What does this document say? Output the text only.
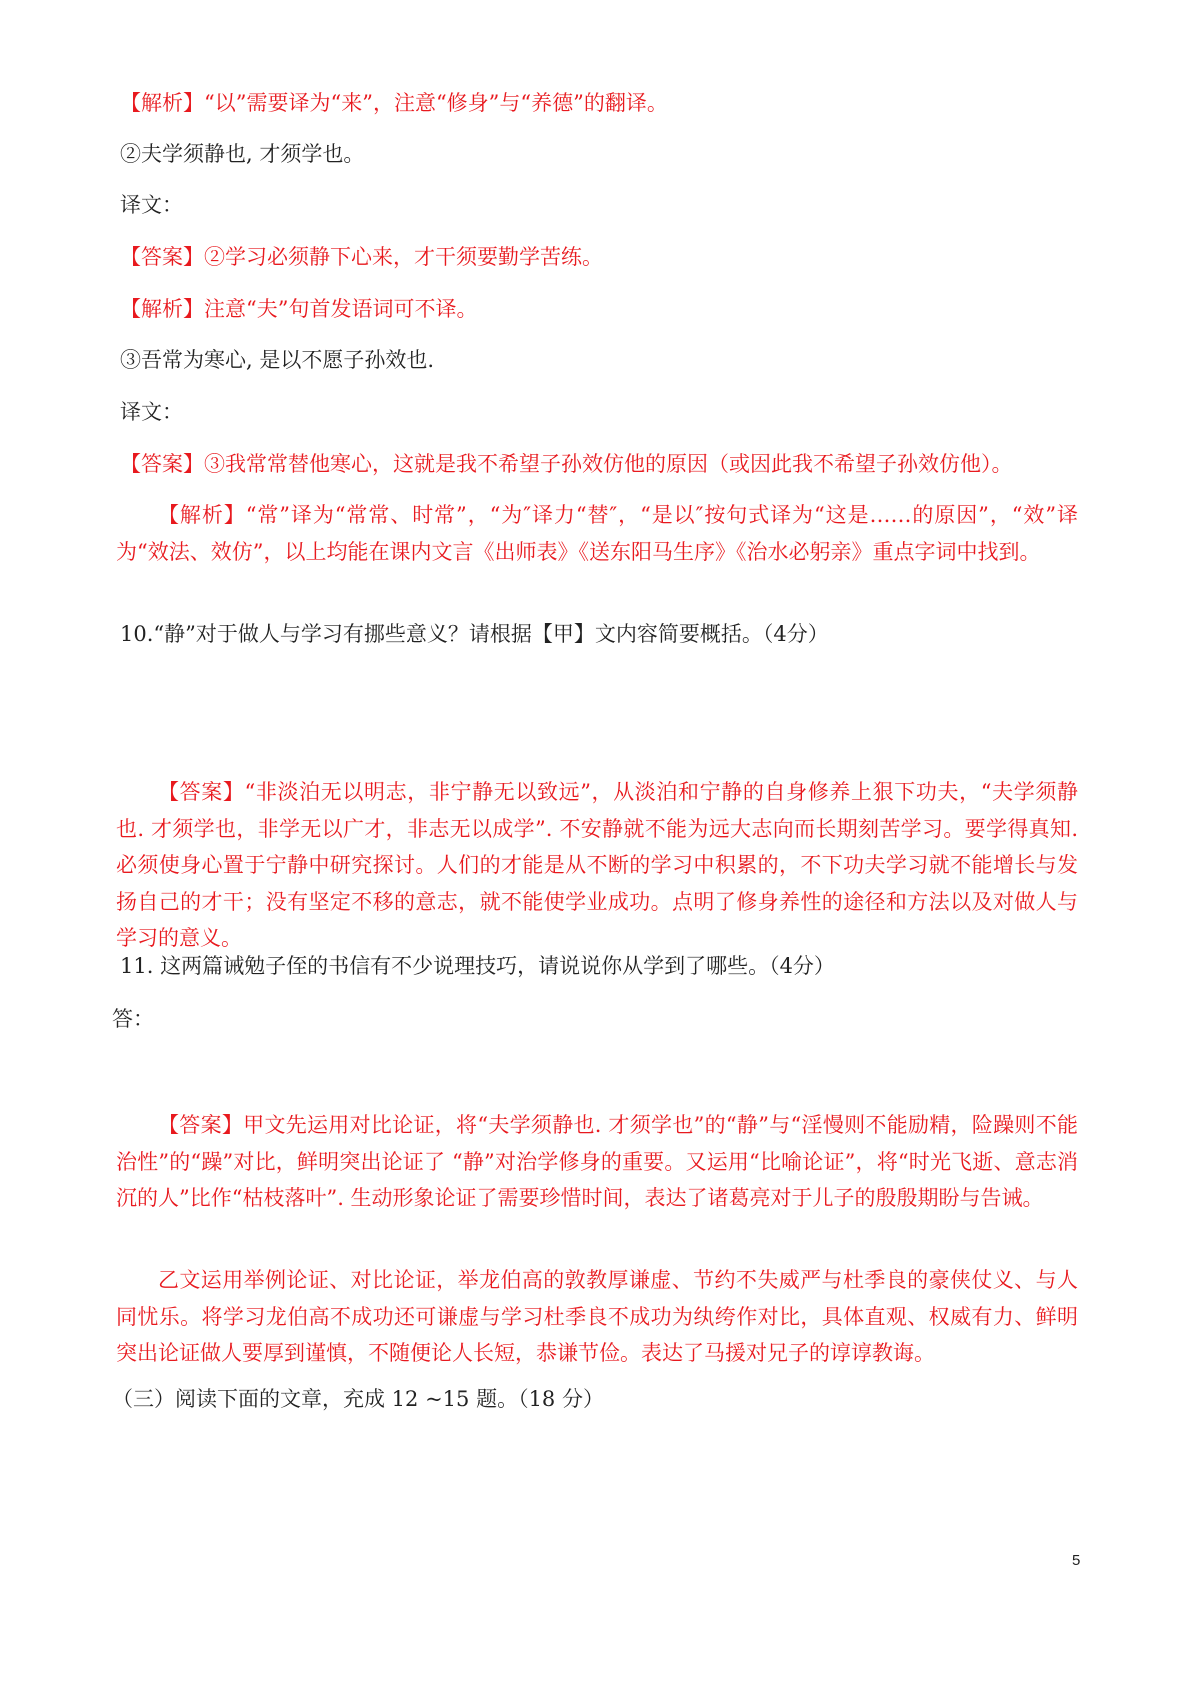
【解析】“以”需要译为“来”，注意“修身”与“养德”的翻译。
②夫学须静也, 才须学也。
译文：
【答案】②学习必须静下心来，才干须要勤学苦练。
【解析】注意“夫”句首发语词可不译。
③吾常为寒心, 是以不愿子孙效也.
译文：
【答案】③我常常替他寒心，这就是我不希望子孙效仿他的原因（或因此我不希望子孙效仿他）。
【解析】“常”译为“常常、时常”，“为″译力“替″，“是以″按句式译为“这是……的原因”，“效”译为“效法、效仿”，以上均能在课内文言《出师表》《送东阳马生序》《治水必躬亲》重点字词中找到。
10.“静”对于做人与学习有挪些意义？请根据【甲】文内容简要概括。（4分）
【答案】“非淡泊无以明志，非宁静无以致远”，从淡泊和宁静的自身修养上狠下功夫，“夫学须静也. 才须学也，非学无以广才，非志无以成学”. 不安静就不能为远大志向而长期刻苦学习。要学得真知. 必须使身心置于宁静中研究探讨。人们的才能是从不断的学习中积累的，不下功夫学习就不能增长与发扬自己的才干；没有坚定不移的意志，就不能使学业成功。点明了修身养性的途径和方法以及对做人与学习的意义。
11. 这两篇诫勉子侄的书信有不少说理技巧，请说说你从学到了哪些。（4分）
答：
【答案】甲文先运用对比论证，将“夫学须静也. 才须学也”的“静”与“淫慢则不能励精，险躁则不能治性”的“躁”对比，鲜明突出论证了 “静”对治学修身的重要。又运用“比喻论证”，将“时光飞逝、意志消沉的人”比作“枯枝落叶”. 生动形象论证了需要珍惜时间，表达了诸葛亮对于儿子的殷殷期盼与告诫。
乙文运用举例论证、对比论证，举龙伯高的敦教厚谦虚、节约不失威严与杜季良的豪侠仗义、与人同忧乐。将学习龙伯高不成功还可谦虚与学习杜季良不成功为纨绔作对比，具体直观、权威有力、鲜明突出论证做人要厚到谨慎，不随便论人长短，恭谦节俭。表达了马援对兄子的谆谆教诲。
（三）阅读下面的文章，充成 12 ~15 题。（18 分）
5
